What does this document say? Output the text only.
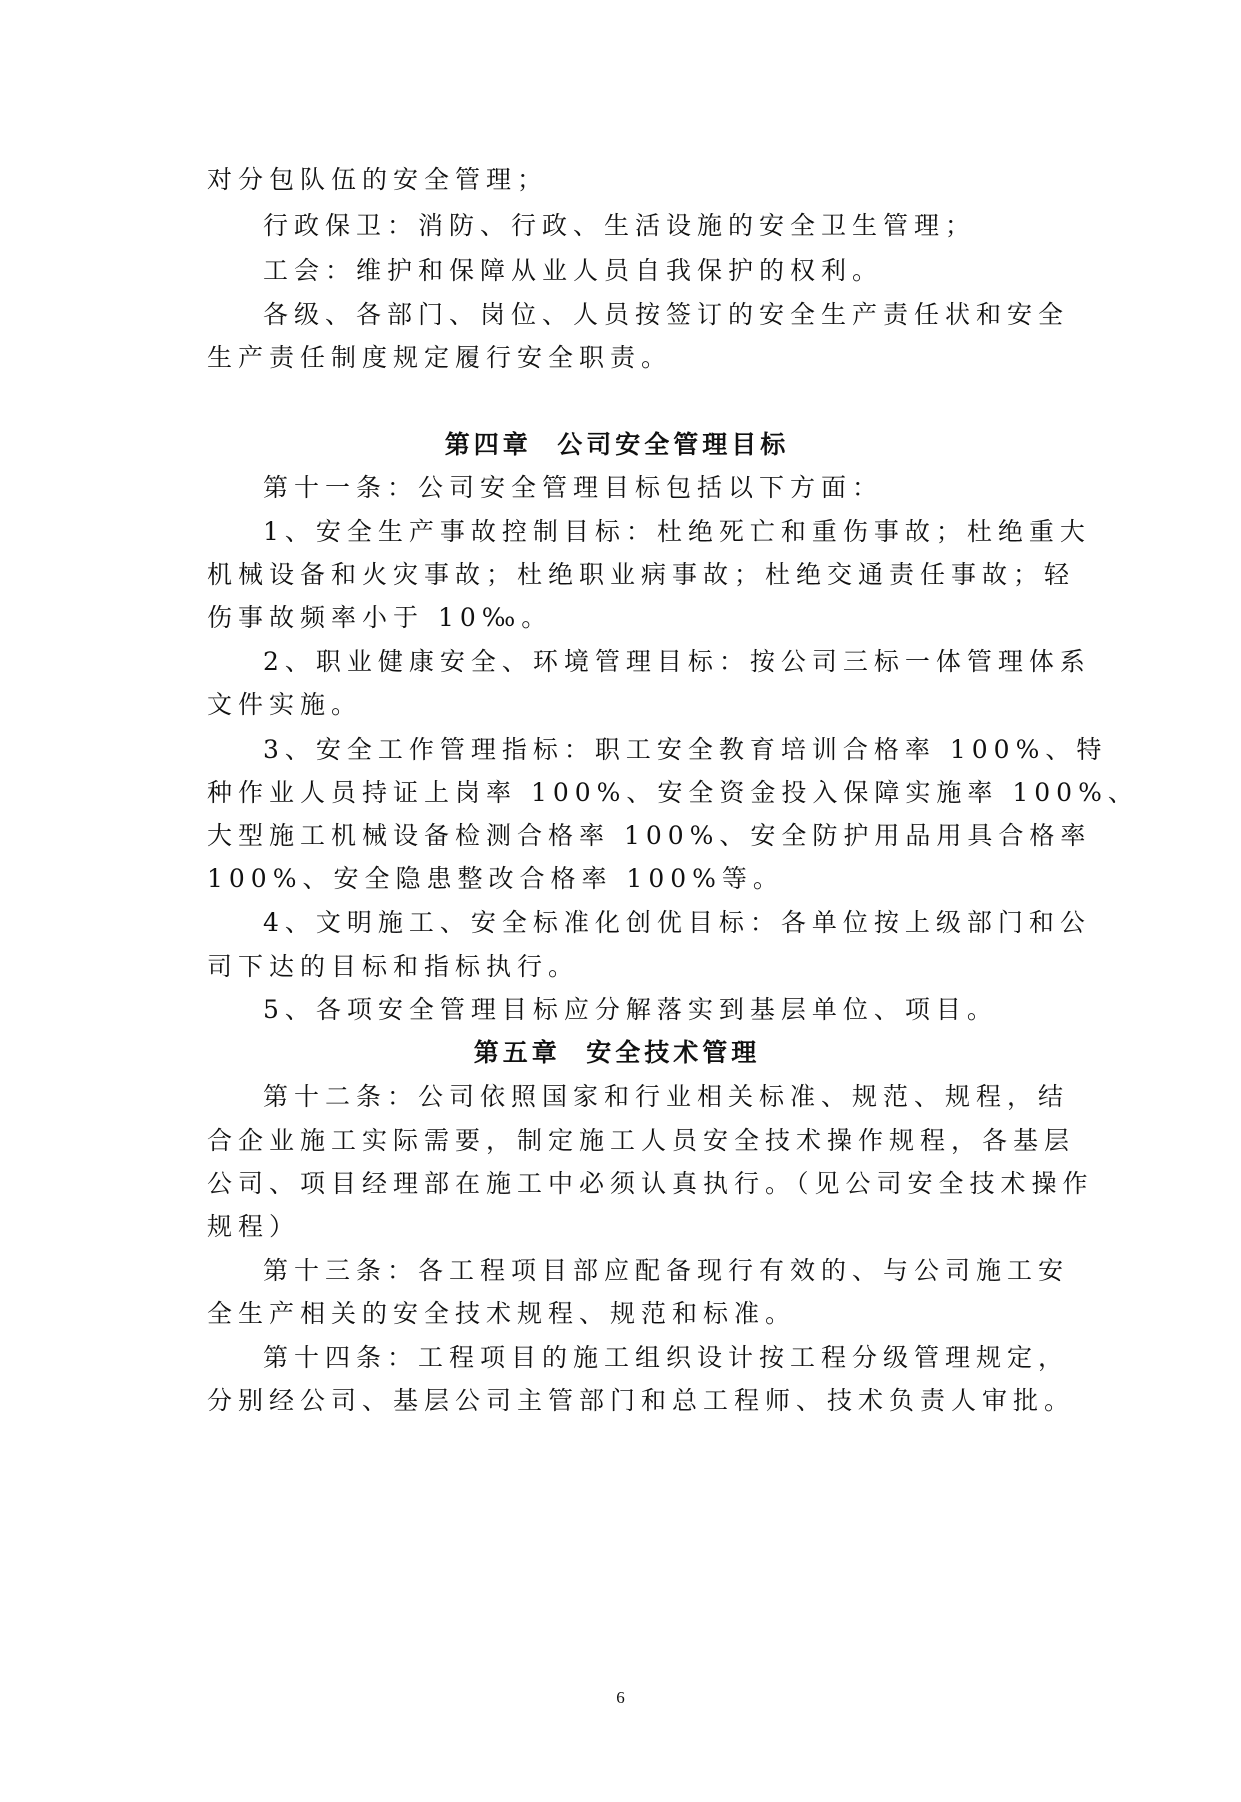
对分包队伍的安全管理；
行政保卫：消防、行政、生活设施的安全卫生管理；
工会：维护和保障从业人员自我保护的权利。
各级、各部门、岗位、人员按签订的安全生产责任状和安全
生产责任制度规定履行安全职责。
第四章  公司安全管理目标
第十一条：公司安全管理目标包括以下方面：
1、安全生产事故控制目标：杜绝死亡和重伤事故；杜绝重大
机械设备和火灾事故；杜绝职业病事故；杜绝交通责任事故；轻
伤事故频率小于 10‰。
2、职业健康安全、环境管理目标：按公司三标一体管理体系
文件实施。
3、安全工作管理指标：职工安全教育培训合格率 100%、特
种作业人员持证上岗率 100%、安全资金投入保障实施率 100%、
大型施工机械设备检测合格率 100%、安全防护用品用具合格率
100%、安全隐患整改合格率 100%等。
4、文明施工、安全标准化创优目标：各单位按上级部门和公
司下达的目标和指标执行。
5、各项安全管理目标应分解落实到基层单位、项目。
第五章  安全技术管理
第十二条：公司依照国家和行业相关标准、规范、规程，结
合企业施工实际需要，制定施工人员安全技术操作规程，各基层
公司、项目经理部在施工中必须认真执行。（见公司安全技术操作
规程）
第十三条：各工程项目部应配备现行有效的、与公司施工安
全生产相关的安全技术规程、规范和标准。
第十四条：工程项目的施工组织设计按工程分级管理规定，
分别经公司、基层公司主管部门和总工程师、技术负责人审批。
6
